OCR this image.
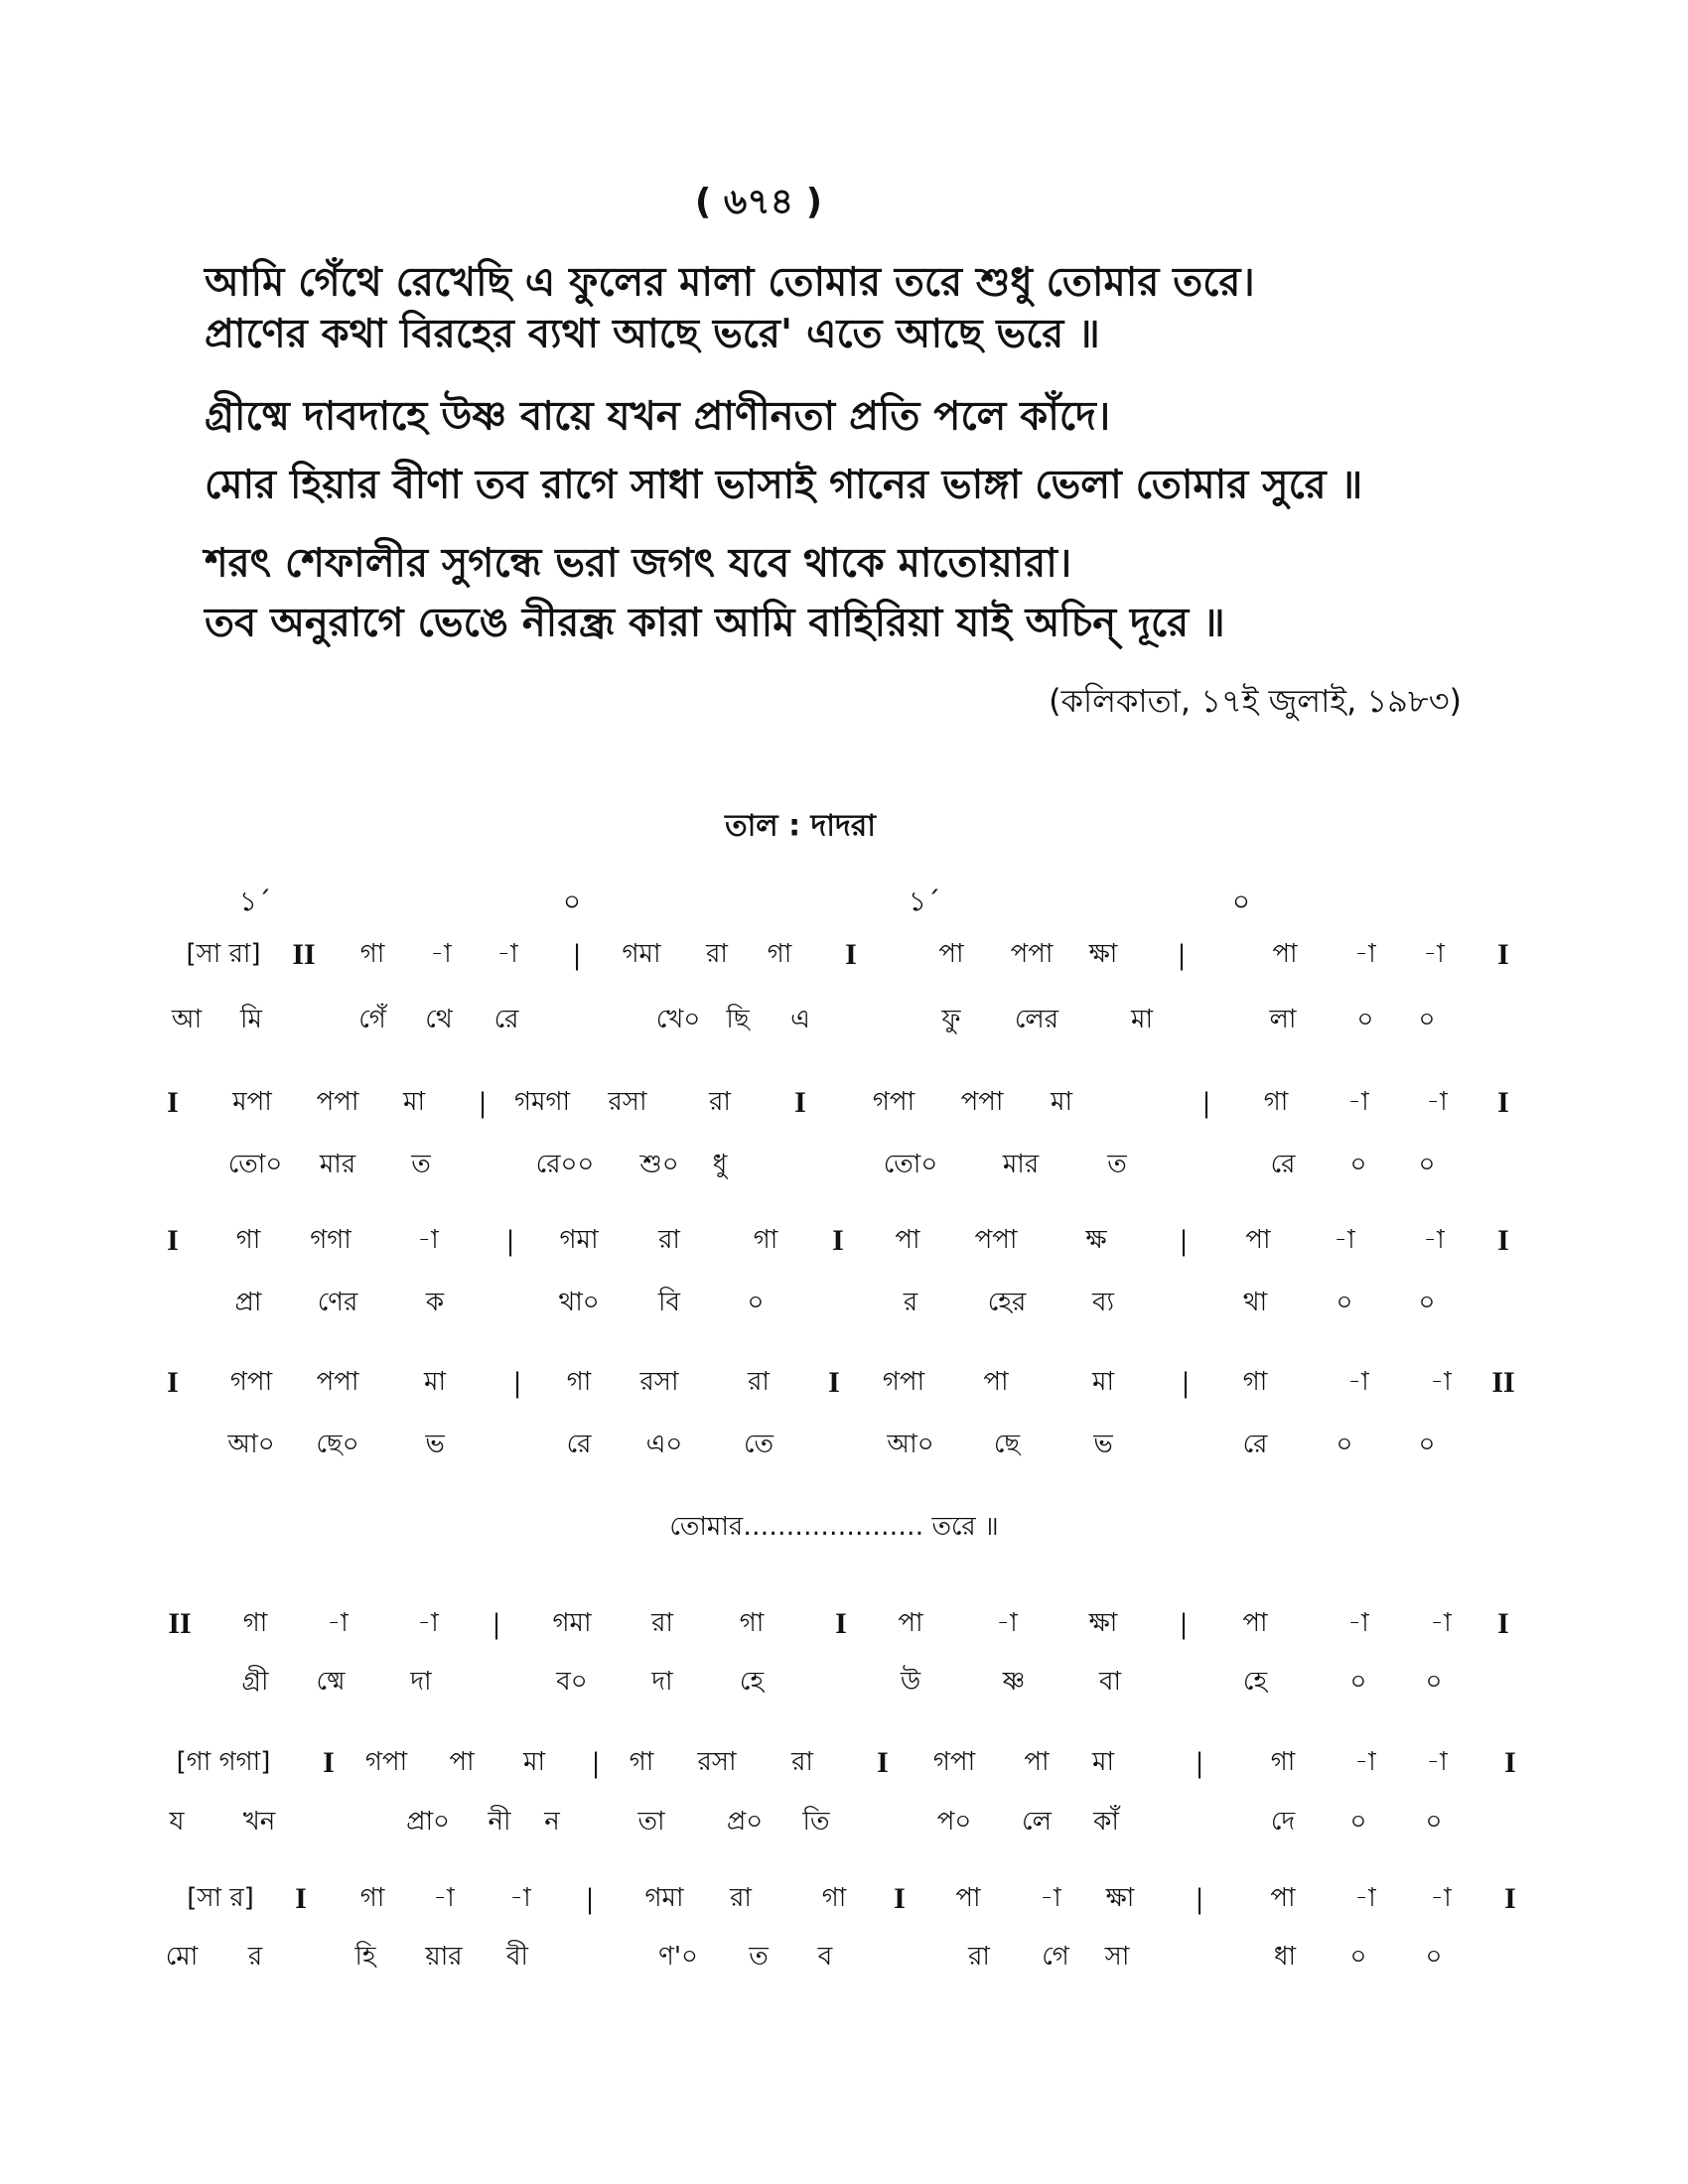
( ৬৭৪ )
আমি গেঁথে রেখেছি এ ফুলের মালা তোমার তরে শুধু তোমার তরে।
প্রাণের কথা বিরহের ব্যথা আছে ভরে' এতে আছে ভরে ॥
গ্রীষ্মে দাবদাহে উষ্ণ বায়ে যখন প্রাণীনতা প্রতি পলে কাঁদে।
মোর হিয়ার বীণা তব রাগে সাধা ভাসাই গানের ভাঙ্গা ভেলা তোমার সুরে ॥
শরৎ শেফালীর সুগন্ধে ভরা জগৎ যবে থাকে মাতোয়ারা।
তব অনুরাগে ভেঙে নীরন্ধ্র কারা আমি বাহিরিয়া যাই অচিন্ দূরে ॥
(কলিকাতা, ১৭ই জুলাই, ১৯৮৩)
তাল : দাদরা
১´	০	১´	০
[সা রা] II গা -া -া | গমা রা গা I	পা পপা ক্ষা |	পা -া -া I
আ মি	গেঁ থে রে	খে০ ছি এ	ফু লের	মা	লা ০ ০
I মপা পপা মা | গমগা রসা রা I	গপা পপা মা	| গা -া -া I
তো০ মার ত	রে০০ শু০ ধু	তো০	মার	ত	রে ০ ০
I গা গগা	-া | গমা রা	গা I পা পপা	ক্ষ | পা -া	-া I
প্রা ণের	ক	থা০ বি	০	র	হের	ব্য	থা	০	০
I গপা পপা	মা | গা রসা	রা I গপা পা	মা | গা	-া -া II
আ০ ছে০	ভ	রে এ০ তে	আ০ ছে	ভ	রে	০	০
II গা -া	-া | গমা রা	গা I পা	-া	ক্ষা | পা	-া -া I
গ্রী ষ্মে	দা	ব০ দা	হে	উ	ষ্ণ	বা	হে	০ ০
[গা গগা] I গপা পা মা | গা রসা রা I গপা পা মা	|	গা -া -া I
য খন	প্রা০ নী ন	তা প্র০ তি	প০ লে কাঁ	দে ০ ০
[সা র] I গা -া -া | গমা রা	গা I পা -া ক্ষা |	পা -া -া I
মো র	হি য়ার বী	ণ'০ ত ব	রা গে সা	ধা ০ ০
তোমার………………… তরে ॥
